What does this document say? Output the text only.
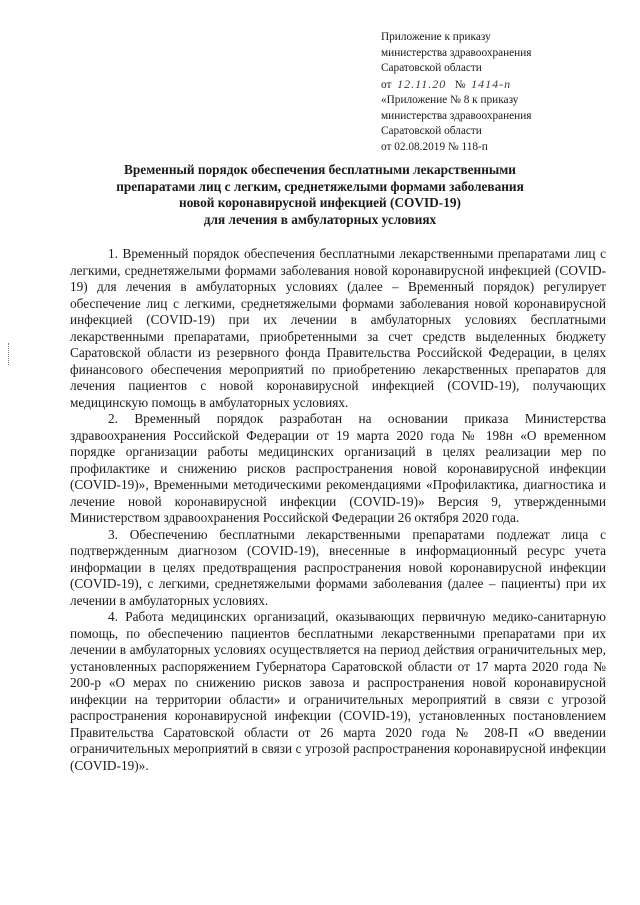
Приложение к приказу
министерства здравоохранения
Саратовской области
от 12.11.20 № 1414-п
«Приложение № 8 к приказу
министерства здравоохранения
Саратовской области
от 02.08.2019 № 118-п
Временный порядок обеспечения бесплатными лекарственными
препаратами лиц с легким, среднетяжелыми формами заболевания
новой коронавирусной инфекцией (COVID-19)
для лечения в амбулаторных условиях

1. Временный порядок обеспечения бесплатными лекарственными препаратами лиц с легкими, среднетяжелыми формами заболевания новой коронавирусной инфекцией (COVID-19) для лечения в амбулаторных условиях (далее – Временный порядок) регулирует обеспечение лиц с легкими, среднетяжелыми формами заболевания новой коронавирусной инфекцией (COVID-19) при их лечении в амбулаторных условиях бесплатными лекарственными препаратами, приобретенными за счет средств выделенных бюджету Саратовской области из резервного фонда Правительства Российской Федерации, в целях финансового обеспечения мероприятий по приобретению лекарственных препаратов для лечения пациентов с новой коронавирусной инфекцией (COVID-19), получающих медицинскую помощь в амбулаторных условиях.

2. Временный порядок разработан на основании приказа Министерства здравоохранения Российской Федерации от 19 марта 2020 года № 198н «О временном порядке организации работы медицинских организаций в целях реализации мер по профилактике и снижению рисков распространения новой коронавирусной инфекции (COVID-19)», Временными методическими рекомендациями «Профилактика, диагностика и лечение новой коронавирусной инфекции (COVID-19)» Версия 9, утвержденными Министерством здравоохранения Российской Федерации 26 октября 2020 года.

3. Обеспечению бесплатными лекарственными препаратами подлежат лица с подтвержденным диагнозом (COVID-19), внесенные в информационный ресурс учета информации в целях предотвращения распространения новой коронавирусной инфекции (COVID-19), с легкими, среднетяжелыми формами заболевания (далее – пациенты) при их лечении в амбулаторных условиях.

4. Работа медицинских организаций, оказывающих первичную медико-санитарную помощь, по обеспечению пациентов бесплатными лекарственными препаратами при их лечении в амбулаторных условиях осуществляется на период действия ограничительных мер, установленных распоряжением Губернатора Саратовской области от 17 марта 2020 года № 200-р «О мерах по снижению рисков завоза и распространения новой коронавирусной инфекции на территории области» и ограничительных мероприятий в связи с угрозой распространения коронавирусной инфекции (COVID-19), установленных постановлением Правительства Саратовской области от 26 марта 2020 года № 208-П «О введении ограничительных мероприятий в связи с угрозой распространения коронавирусной инфекции (COVID-19)».
